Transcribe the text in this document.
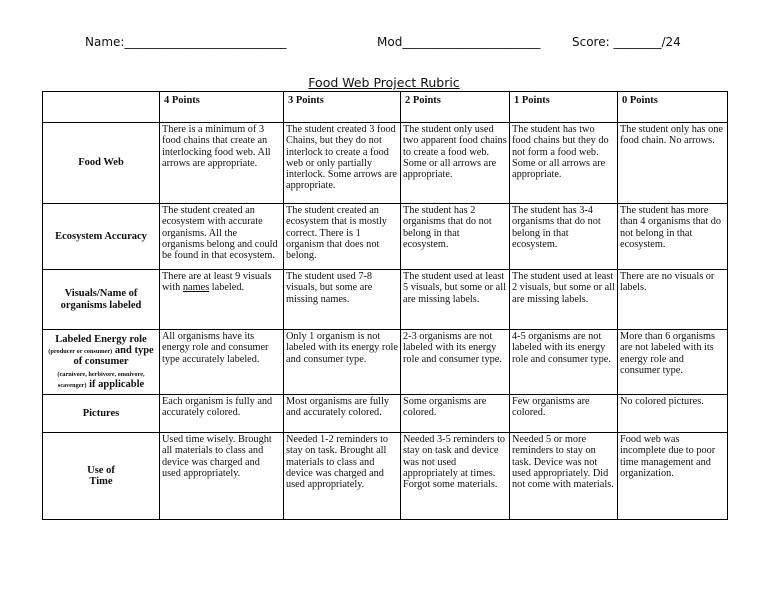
Name:___________________________	Mod_______________________	Score: ________/24
Food Web Project Rubric
	4 Points	3 Points	2 Points	1 Points	0 Points
Food Web	There is a minimum of 3 food chains that create an interlocking food web. All arrows are appropriate.	The student created 3 food Chains, but they do not interlock to create a food web or only partially interlock. Some arrows are appropriate.	The student only used two apparent food chains to create a food web. Some or all arrows are appropriate.	The student has two food chains but they do not form a food web. Some or all arrows are appropriate.	The student only has one food chain. No arrows.
Ecosystem Accuracy	The student created an ecosystem with accurate organisms. All the organisms belong and could be found in that ecosystem.	The student created an ecosystem that is mostly correct. There is 1 organism that does not belong.	The student has 2 organisms that do not belong in that ecosystem.	The student has 3-4 organisms that do not belong in that ecosystem.	The student has more than 4 organisms that do not belong in that ecosystem.

Visuals/Name of
organisms labeled	There are at least 9 visuals with names labeled.	The student used 7-8 visuals, but some are missing names.	The student used at least 5 visuals, but some or all are missing labels.	The student used at least 2 visuals, but some or all are missing labels.	There are no visuals or labels.
Labeled Energy role
(producer or consumer) and type of consumer
(carnivore, herbivore, omnivore, scavenger) if applicable	All organisms have its energy role and consumer type accurately labeled.	Only 1 organism is not labeled with its energy role and consumer type.	2-3 organisms are not labeled with its energy role and consumer type.	4-5 organisms are not labeled with its energy role and consumer type.	More than 6 organisms are not labeled with its energy role and consumer type.
Pictures	Each organism is fully and accurately colored.	Most organisms are fully and accurately colored.	Some organisms are colored.	Few organisms are colored.	No colored pictures.

Use of
Time	Used time wisely. Brought all materials to class and device was charged and used appropriately.	Needed 1-2 reminders to stay on task. Brought all materials to class and device was charged and used appropriately.	Needed 3-5 reminders to stay on task and device was not used appropriately at times. Forgot some materials.	Needed 5 or more reminders to stay on task. Device was not used appropriately. Did not come with materials.	Food web was incomplete due to poor time management and organization.
